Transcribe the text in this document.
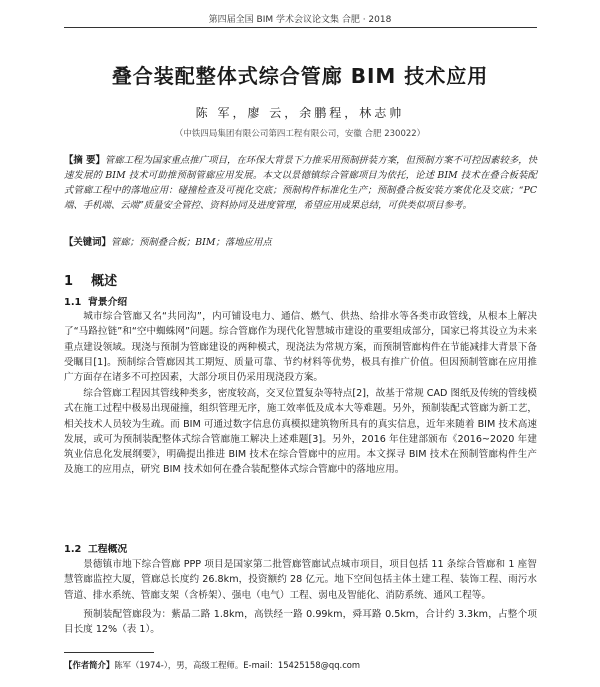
第四届全国 BIM 学术会议论文集 合肥 · 2018
叠合装配整体式综合管廊 BIM 技术应用
陈 军，廖 云，余鹏程，林志帅
（中铁四局集团有限公司第四工程有限公司，安徽 合肥 230022）
【摘 要】管廊工程为国家重点推广项目，在环保大背景下力推采用预制拼装方案，但预制方案不可控因素较多，快速发展的 BIM 技术可助推预制管廊应用发展。本文以景德镇综合管廊项目为依托，论述 BIM 技术在叠合板装配式管廊工程中的落地应用：碰撞检查及可视化交底；预制构件标准化生产；预制叠合板安装方案优化及交底；“PC 端、手机端、云端”质量安全管控、资料协同及进度管理，希望应用成果总结，可供类似项目参考。
【关键词】管廊；预制叠合板；BIM；落地应用点
1 概述
1.1 背景介绍
城市综合管廊又名“共同沟”，内可铺设电力、通信、燃气、供热、给排水等各类市政管线，从根本上解决了“马路拉链”和“空中蜘蛛网”问题。综合管廊作为现代化智慧城市建设的重要组成部分，国家已将其设立为未来重点建设领域。现浇与预制为管廊建设的两种模式，现浇法为常规方案，而预制管廊构件在节能减排大背景下备受瞩目[1]。预制综合管廊因其工期短、质量可靠、节约材料等优势，极具有推广价值。但因预制管廊在应用推广方面存在诸多不可控因素，大部分项目仍采用现浇段方案。
综合管廊工程因其管线种类多，密度较高，交叉位置复杂等特点[2]，故基于常规 CAD 图纸及传统的管线模式在施工过程中极易出现碰撞，组织管理无序，施工效率低及成本大等难题。另外，预制装配式管廊为新工艺，相关技术人员较为生疏。而 BIM 可通过数字信息仿真模拟建筑物所具有的真实信息，近年来随着 BIM 技术高速发展，或可为预制装配整体式综合管廊施工解决上述难题[3]。另外，2016 年住建部颁布《2016~2020 年建筑业信息化发展纲要》，明确提出推进 BIM 技术在综合管廊中的应用。本文探寻 BIM 技术在预制管廊构件生产及施工的应用点，研究 BIM 技术如何在叠合装配整体式综合管廊中的落地应用。
1.2 工程概况
景德镇市地下综合管廊 PPP 项目是国家第二批管廊管廊试点城市项目，项目包括 11 条综合管廊和 1 座智慧管廊监控大厦，管廊总长度约 26.8km，投资额约 28 亿元。地下空间包括主体土建工程、装饰工程、雨污水管道、排水系统、管廊支架（含桥架）、强电（电气）工程、弱电及智能化、消防系统、通风工程等。
预制装配管廊段为：紫晶二路 1.8km，高铁经一路 0.99km，舜耳路 0.5km，合计约 3.3km，占整个项目长度 12%（表 1）。
【作者简介】陈军（1974-），男，高级工程师。E-mail：15425158@qq.com
